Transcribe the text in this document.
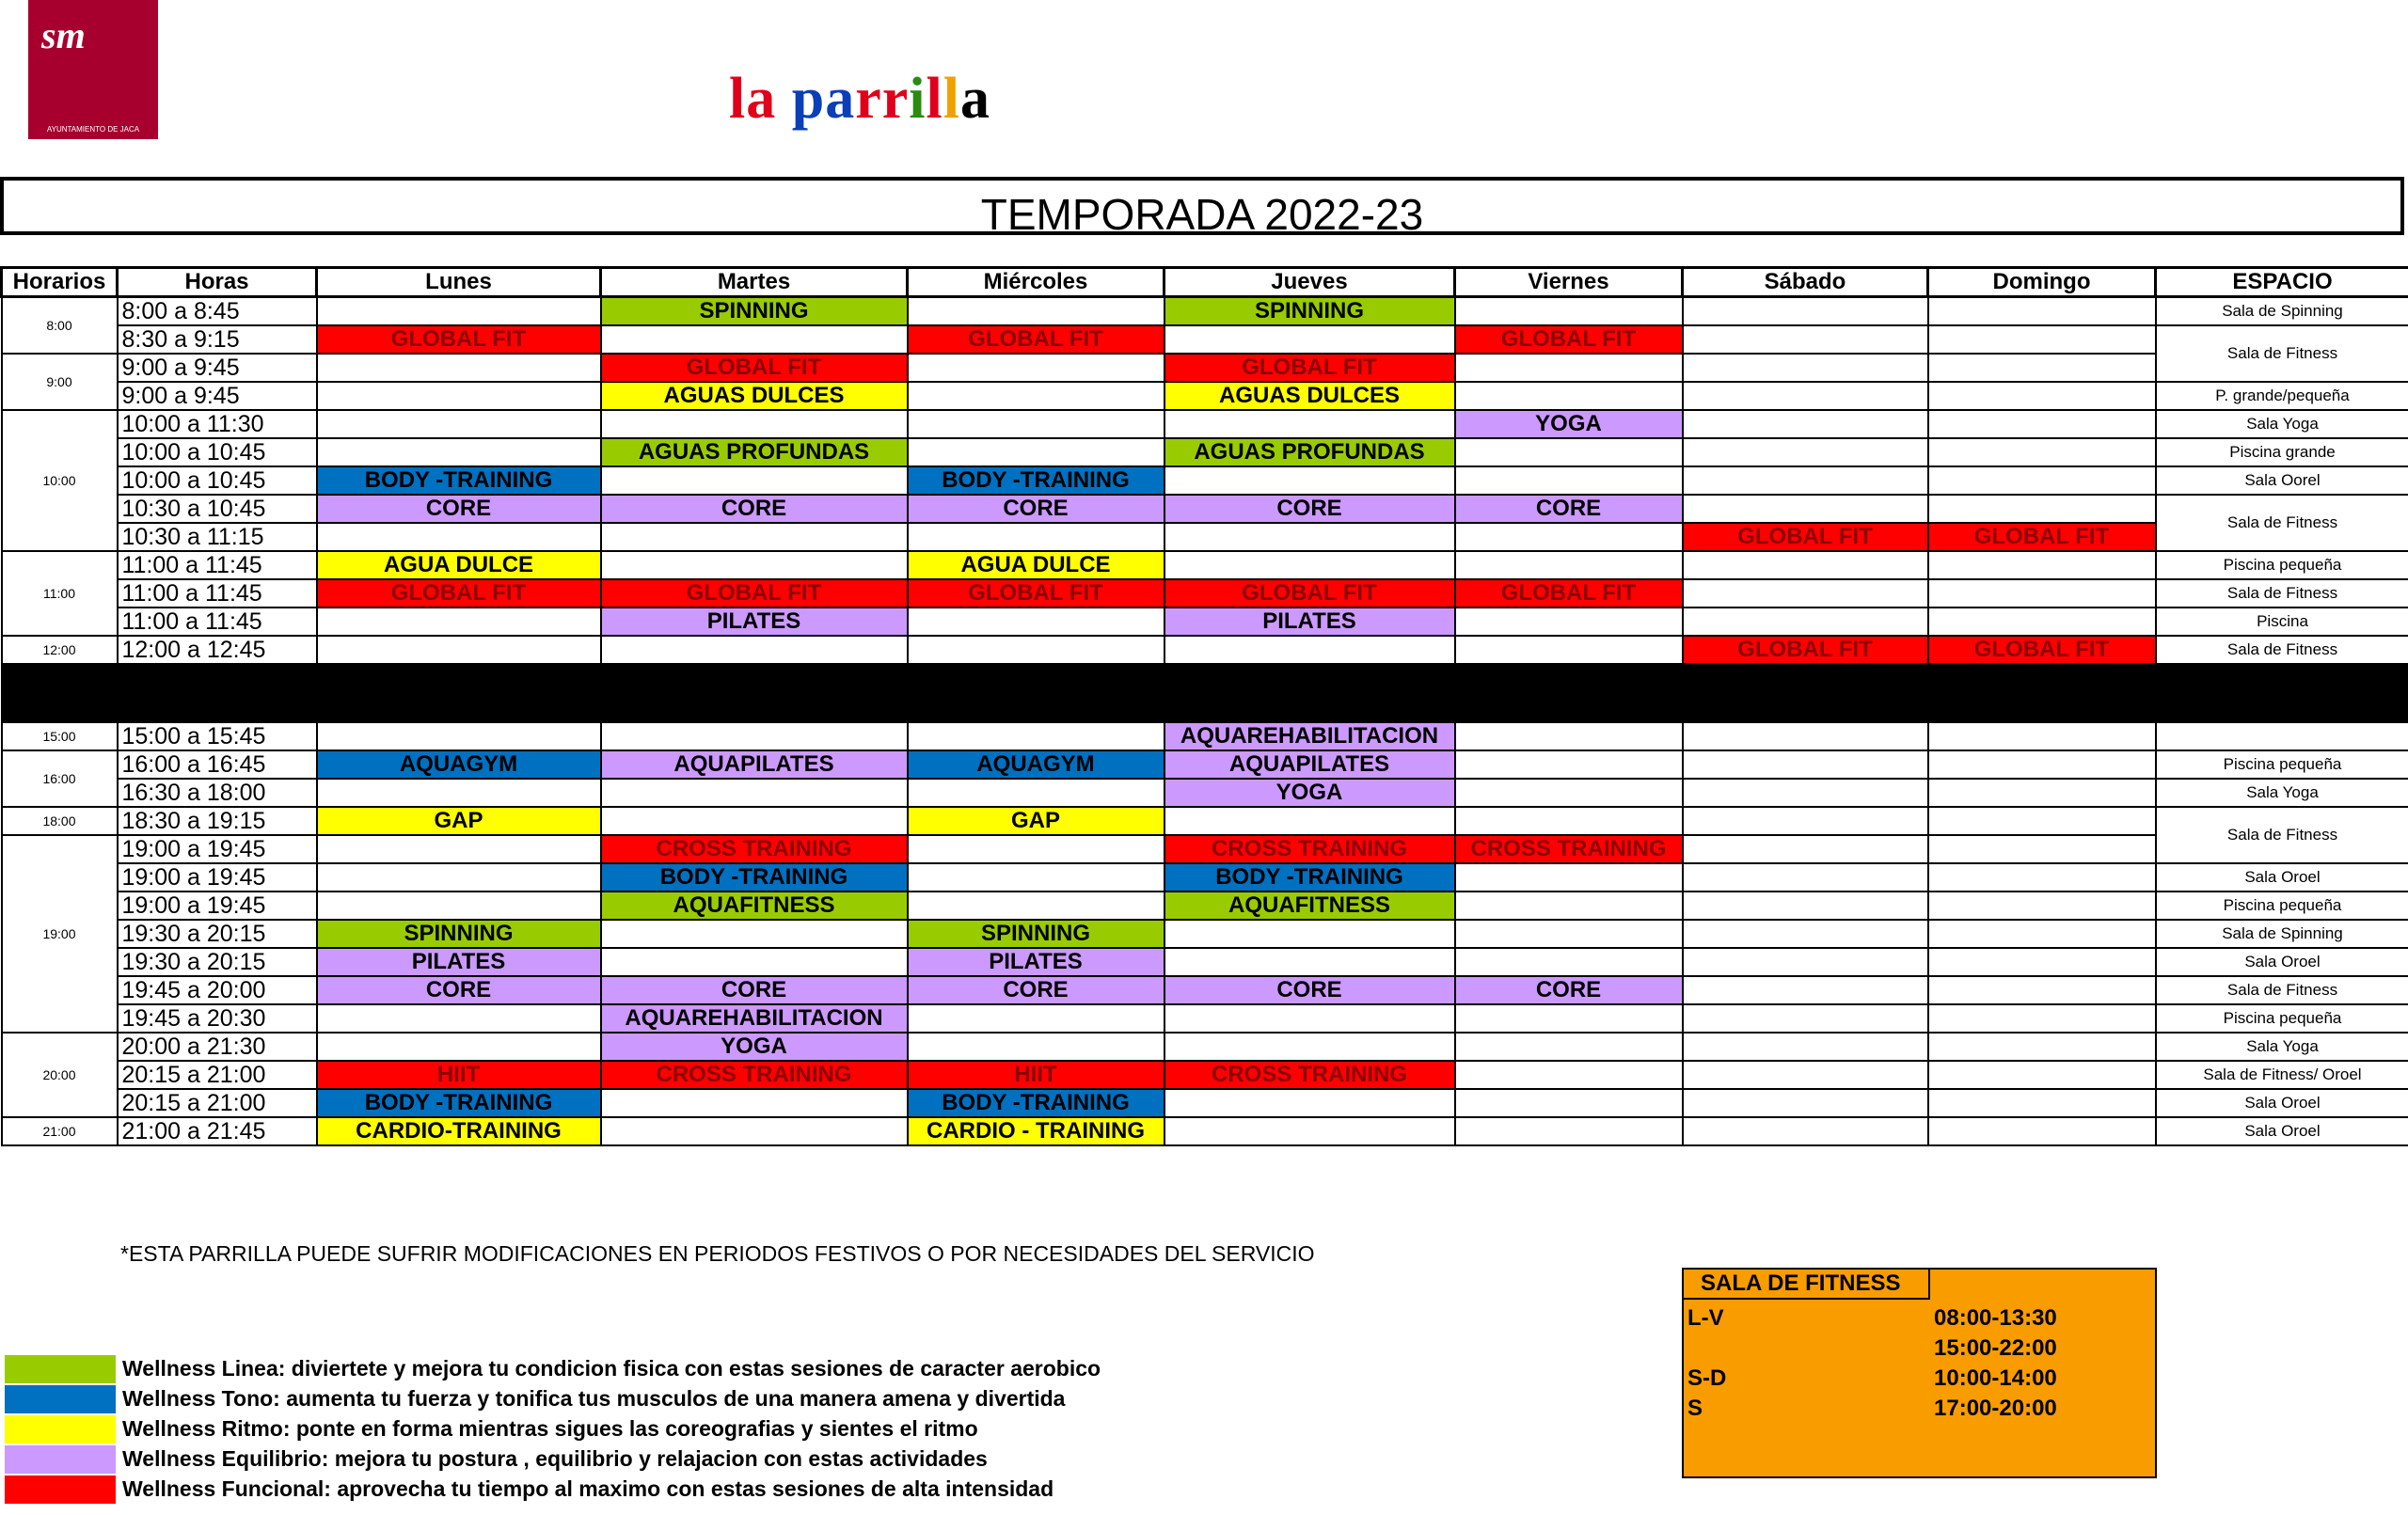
sm
AYUNTAMIENTO DE JACA	la parrilla
TEMPORADA 2022-23
Horarios	Horas	Lunes	Martes	Miércoles	Jueves	Viernes	Sábado	Domingo	ESPACIO
8:00	8:00 a 8:45		SPINNING		SPINNING				Sala de Spinning
	8:30 a 9:15	GLOBAL FIT		GLOBAL FIT		GLOBAL FIT			Sala de Fitness
9:00	9:00 a 9:45		GLOBAL FIT		GLOBAL FIT				
	9:00 a 9:45		AGUAS DULCES		AGUAS DULCES				P. grande/pequeña
10:00	10:00 a 11:30					YOGA			Sala Yoga
	10:00 a 10:45		AGUAS PROFUNDAS		AGUAS PROFUNDAS				Piscina grande
	10:00 a 10:45	BODY -TRAINING		BODY -TRAINING					Sala Oorel
	10:30 a 10:45	CORE	CORE	CORE	CORE	CORE			Sala de Fitness
	10:30 a 11:15						GLOBAL FIT	GLOBAL FIT	
11:00	11:00 a 11:45	AGUA DULCE		AGUA DULCE					Piscina pequeña
	11:00 a 11:45	GLOBAL FIT	GLOBAL FIT	GLOBAL FIT	GLOBAL FIT	GLOBAL FIT			Sala de Fitness
	11:00 a 11:45		PILATES		PILATES				Piscina
12:00	12:00 a 12:45						GLOBAL FIT	GLOBAL FIT	Sala de Fitness

15:00	15:00 a 15:45				AQUAREHABILITACION				
16:00	16:00 a 16:45	AQUAGYM	AQUAPILATES	AQUAGYM	AQUAPILATES				Piscina pequeña
	16:30 a 18:00				YOGA				Sala Yoga
18:00	18:30 a 19:15	GAP		GAP					Sala de Fitness
19:00	19:00 a 19:45		CROSS TRAINING		CROSS TRAINING	CROSS TRAINING			
	19:00 a 19:45		BODY -TRAINING		BODY -TRAINING				Sala Oroel
	19:00 a 19:45		AQUAFITNESS		AQUAFITNESS				Piscina pequeña
	19:30 a 20:15	SPINNING		SPINNING					Sala de Spinning
	19:30 a 20:15	PILATES		PILATES					Sala Oroel
	19:45 a 20:00	CORE	CORE	CORE	CORE	CORE			Sala de Fitness
	19:45 a 20:30		AQUAREHABILITACION						Piscina pequeña
20:00	20:00 a 21:30		YOGA						Sala Yoga
	20:15 a 21:00	HIIT	CROSS TRAINING	HIIT	CROSS TRAINING				Sala de Fitness/ Oroel
	20:15 a 21:00	BODY -TRAINING		BODY -TRAINING					Sala Oroel
21:00	21:00 a 21:45	CARDIO-TRAINING		CARDIO - TRAINING					Sala Oroel
*ESTA PARRILLA PUEDE SUFRIR MODIFICACIONES EN PERIODOS FESTIVOS O POR NECESIDADES DEL SERVICIO
Wellness Linea: diviertete y mejora tu condicion fisica con estas sesiones de caracter aerobico
Wellness Tono: aumenta tu fuerza y tonifica tus musculos de una manera amena y divertida
Wellness Ritmo: ponte en forma mientras sigues las coreografias y sientes el ritmo
Wellness Equilibrio: mejora tu postura , equilibrio y relajacion con estas actividades
Wellness Funcional: aprovecha tu tiempo al maximo con estas sesiones de alta intensidad
SALA DE FITNESS
L-V	08:00-13:30
15:00-22:00
S-D	10:00-14:00
S	17:00-20:00
